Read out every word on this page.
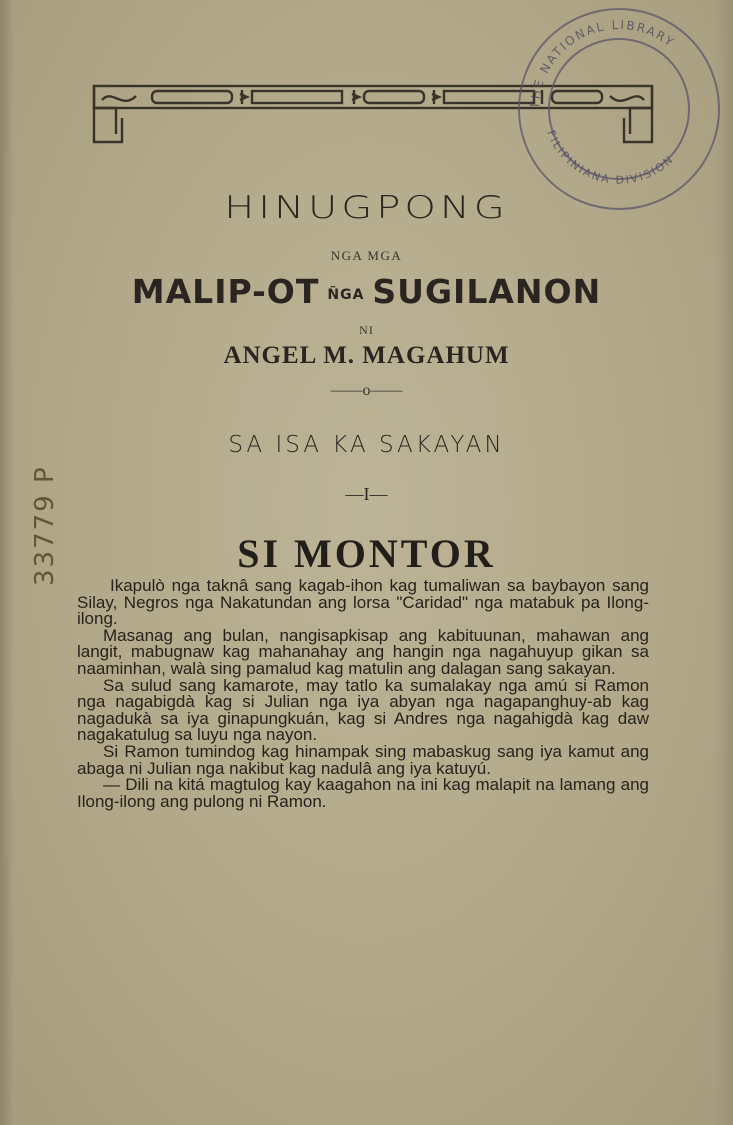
THE NATIONAL LIBRARY
FILIPINIANA DIVISION
HINUGPONG
NGA MGA
MALIP-OT ÑGA SUGILANON
NI
ANGEL M. MAGAHUM
——o——
33779 P
SA ISA KA SAKAYAN
—I—
SI MONTOR

Ikapulò nga taknâ sang kagab-ihon kag tumaliwan sa baybayon sang Silay, Negros nga Nakatundan ang lorsa "Caridad" nga matabuk pa Ilong-ilong.

Masanag ang bulan, nangisapkisap ang kabituunan, mahawan ang langit, mabugnaw kag mahanahay ang hangin nga nagahuyup gikan sa naaminhan, walà sing pamalud kag matulin ang dalagan sang sakayan.

Sa sulud sang kamarote, may tatlo ka sumalakay nga amú si Ramon nga nagabigdà kag si Julian nga iya abyan nga nagapanghuy-ab kag nagadukà sa iya ginapungkuán, kag si Andres nga nagahigdà kag daw nagakatulug sa luyu nga nayon.

Si Ramon tumindog kag hinampak sing mabaskug sang iya kamut ang abaga ni Julian nga nakibut kag nadulâ ang iya katuyú.

— Dili na kitá magtulog kay kaagahon na ini kag malapit na lamang ang Ilong-ilong ang pulong ni Ramon.
